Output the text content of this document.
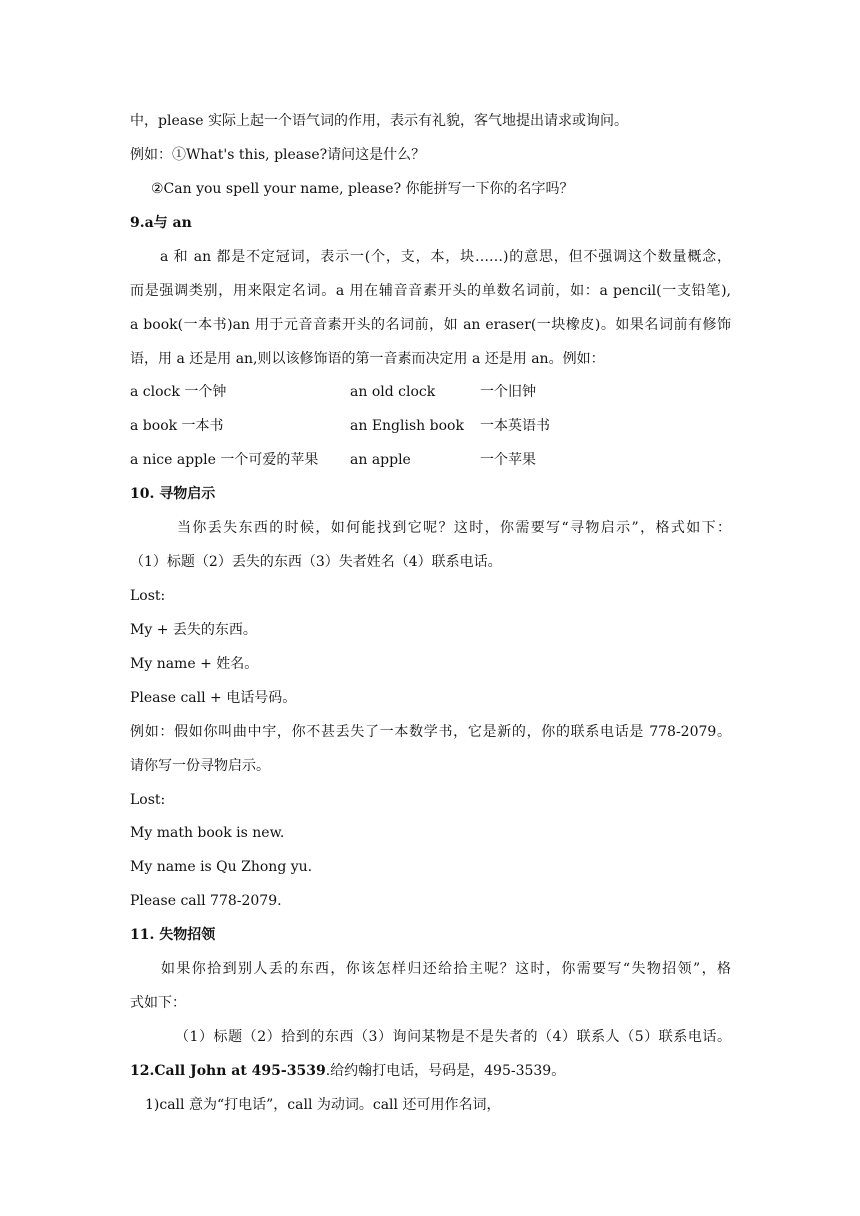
中，please 实际上起一个语气词的作用，表示有礼貌，客气地提出请求或询问。
例如：①What's this, please?请问这是什么？
②Can you spell your name, please? 你能拼写一下你的名字吗？
9.a与 an
a 和 an 都是不定冠词，表示一(个，支，本，块……)的意思，但不强调这个数量概念，
而是强调类别，用来限定名词。a 用在辅音音素开头的单数名词前，如：a pencil(一支铅笔),
a book(一本书)an 用于元音音素开头的名词前，如 an eraser(一块橡皮)。如果名词前有修饰
语，用 a 还是用 an,则以该修饰语的第一音素而决定用 a 还是用 an。例如：
a clock 一个钟	an old clock	一个旧钟
a book 一本书	an English book 一本英语书
a nice apple 一个可爱的苹果 an apple	一个苹果
10. 寻物启示
当你丢失东西的时候，如何能找到它呢？这时，你需要写“寻物启示”，格式如下：
（1）标题（2）丢失的东西（3）失者姓名（4）联系电话。
Lost:
My + 丢失的东西。
My name + 姓名。
Please call + 电话号码。
例如：假如你叫曲中宇，你不甚丢失了一本数学书，它是新的，你的联系电话是 778-2079。
请你写一份寻物启示。
Lost:
My math book is new.
My name is Qu Zhong yu.
Please call 778-2079.
11. 失物招领
如果你拾到别人丢的东西，你该怎样归还给拾主呢？这时，你需要写“失物招领”，格
式如下：
（1）标题（2）拾到的东西（3）询问某物是不是失者的（4）联系人（5）联系电话。
12.Call John at 495-3539.给约翰打电话，号码是，495-3539。
1)call 意为“打电话”，call 为动词。call 还可用作名词，
